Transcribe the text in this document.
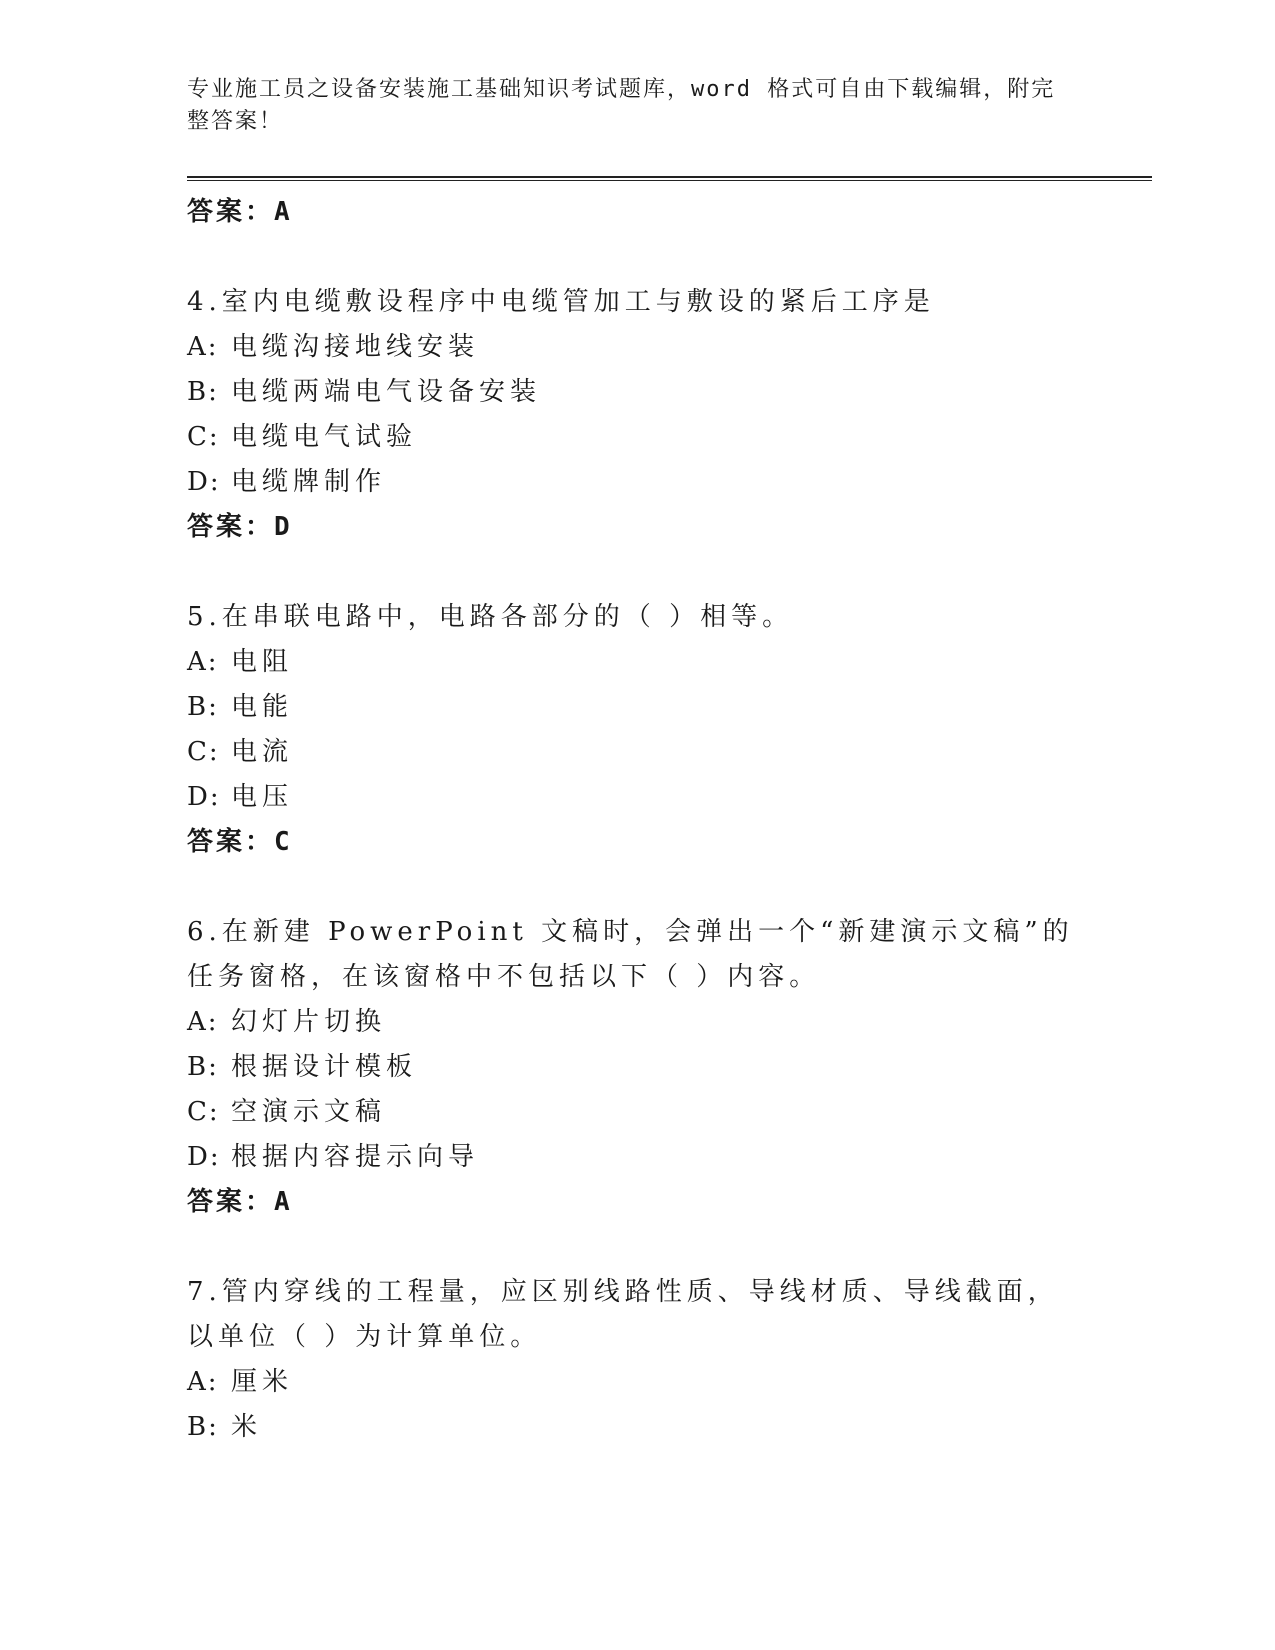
专业施工员之设备安装施工基础知识考试题库，word 格式可自由下载编辑，附完整答案！
答案：A
4.室内电缆敷设程序中电缆管加工与敷设的紧后工序是
A: 电缆沟接地线安装
B: 电缆两端电气设备安装
C: 电缆电气试验
D: 电缆牌制作
答案：D
5.在串联电路中，电路各部分的（ ）相等。
A: 电阻
B: 电能
C: 电流
D: 电压
答案：C
6.在新建 PowerPoint 文稿时，会弹出一个“新建演示文稿”的任务窗格，在该窗格中不包括以下（ ）内容。
A: 幻灯片切换
B: 根据设计模板
C: 空演示文稿
D: 根据内容提示向导
答案：A
7.管内穿线的工程量，应区别线路性质、导线材质、导线截面，以单位（ ）为计算单位。
A: 厘米
B: 米
